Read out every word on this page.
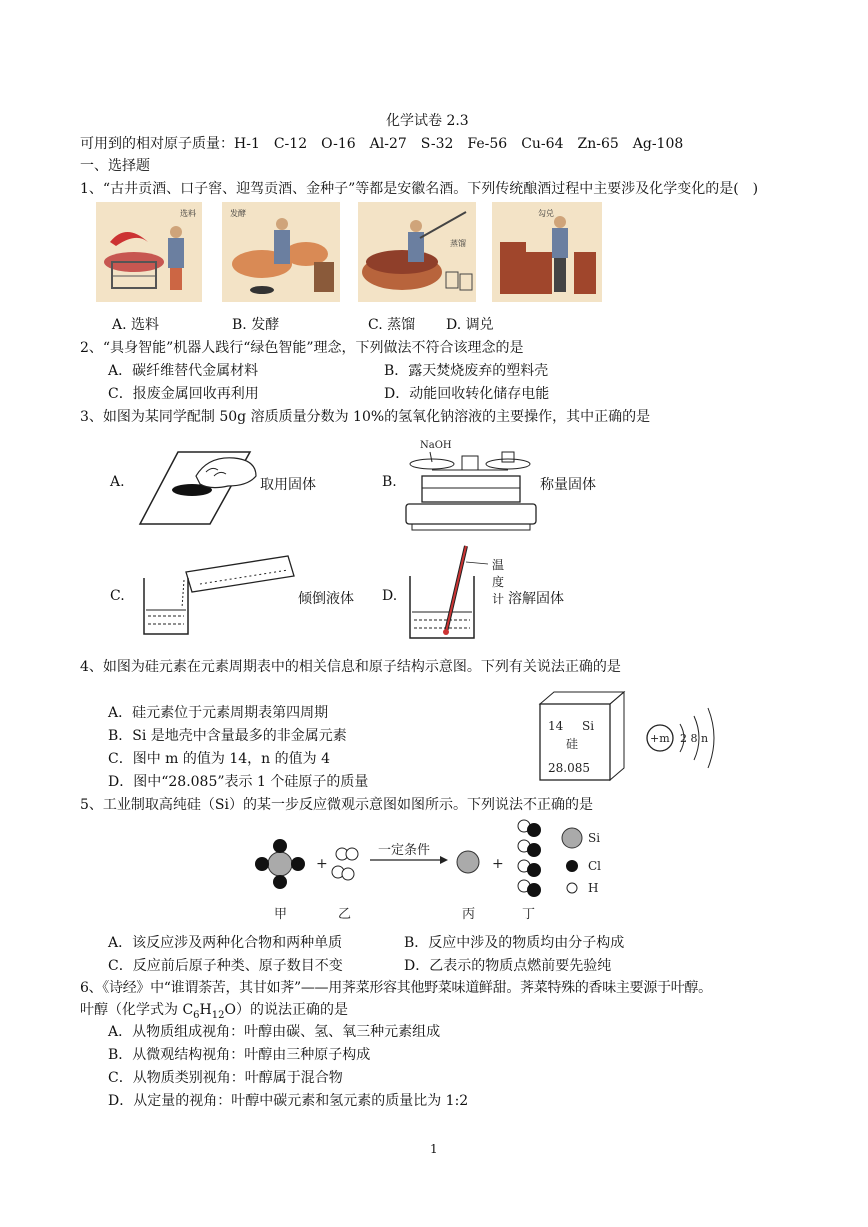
化学试卷 2.3
可用到的相对原子质量：H-1　C-12　O-16　Al-27　S-32　Fe-56　Cu-64　Zn-65　Ag-108
一、选择题
1、“古井贡酒、口子窖、迎驾贡酒、金种子”等都是安徽名酒。下列传统酿酒过程中主要涉及化学变化的是(　)
选料	发酵
蒸馏
勾兑
A. 选料	B. 发酵	C. 蒸馏 D. 调兑
2、“具身智能”机器人践行“绿色智能”理念，下列做法不符合该理念的是
A．碳纤维替代金属材料	B．露天焚烧废弃的塑料壳
C．报废金属回收再利用	D．动能回收转化储存电能
3、如图为某同学配制 50g 溶质质量分数为 10%的氢氧化钠溶液的主要操作，其中正确的是
A.	取用固体	B.
NaOH
称量固体
C.	倾倒液体 D.
温
度
计 溶解固体
4、如图为硅元素在元素周期表中的相关信息和原子结构示意图。下列有关说法正确的是
A．硅元素位于元素周期表第四周期
B．Si 是地壳中含量最多的非金属元素
C．图中 m 的值为 14，n 的值为 4
D．图中“28.085”表示 1 个硅原子的质量
14 Si
硅
28.085
+m 2 8 n
5、工业制取高纯硅（Si）的某一步反应微观示意图如图所示。下列说法不正确的是
+
一定条件
+
Si
Cl
H
甲	乙	丙	丁
A．该反应涉及两种化合物和两种单质	B．反应中涉及的物质均由分子构成
C．反应前后原子种类、原子数目不变	D．乙表示的物质点燃前要先验纯
6、《诗经》中“谁谓荼苦，其甘如荠”——用荠菜形容其他野菜味道鲜甜。荠菜特殊的香味主要源于叶醇。
叶醇（化学式为 $C_6H_{12}O$）的说法正确的是
A．从物质组成视角：叶醇由碳、氢、氧三种元素组成
B．从微观结构视角：叶醇由三种原子构成
C．从物质类别视角：叶醇属于混合物
D．从定量的视角：叶醇中碳元素和氢元素的质量比为 1:2
1
